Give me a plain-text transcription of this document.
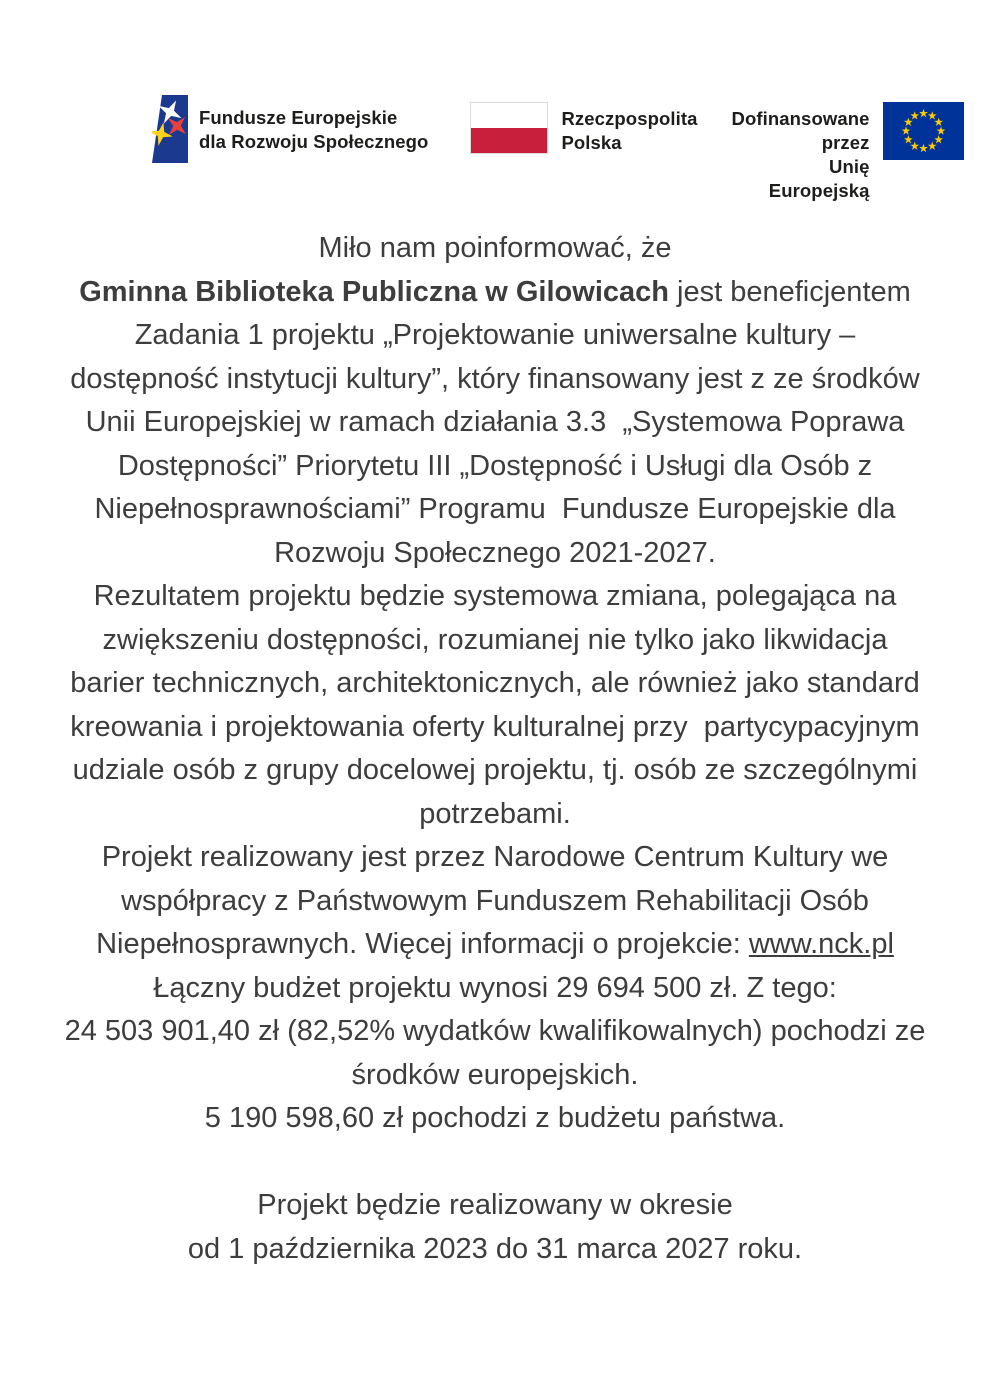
Fundusze Europejskie
dla Rozwoju Społecznego
Rzeczpospolita
Polska
Dofinansowane przez
Unię Europejską
Miło nam poinformować, że
Gminna Biblioteka Publiczna w Gilowicach jest beneficjentem
Zadania 1 projektu „Projektowanie uniwersalne kultury –
dostępność instytucji kultury”, który finansowany jest z ze środków
Unii Europejskiej w ramach działania 3.3  „Systemowa Poprawa
Dostępności” Priorytetu III „Dostępność i Usługi dla Osób z
Niepełnosprawnościami” Programu  Fundusze Europejskie dla
Rozwoju Społecznego 2021-2027.
Rezultatem projektu będzie systemowa zmiana, polegająca na
zwiększeniu dostępności, rozumianej nie tylko jako likwidacja
barier technicznych, architektonicznych, ale również jako standard
kreowania i projektowania oferty kulturalnej przy  partycypacyjnym
udziale osób z grupy docelowej projektu, tj. osób ze szczególnymi
potrzebami.
Projekt realizowany jest przez Narodowe Centrum Kultury we
współpracy z Państwowym Funduszem Rehabilitacji Osób
Niepełnosprawnych. Więcej informacji o projekcie: www.nck.pl
Łączny budżet projektu wynosi 29 694 500 zł. Z tego:
24 503 901,40 zł (82,52% wydatków kwalifikowalnych) pochodzi ze
środków europejskich.
5 190 598,60 zł pochodzi z budżetu państwa.
Projekt będzie realizowany w okresie
od 1 października 2023 do 31 marca 2027 roku.
